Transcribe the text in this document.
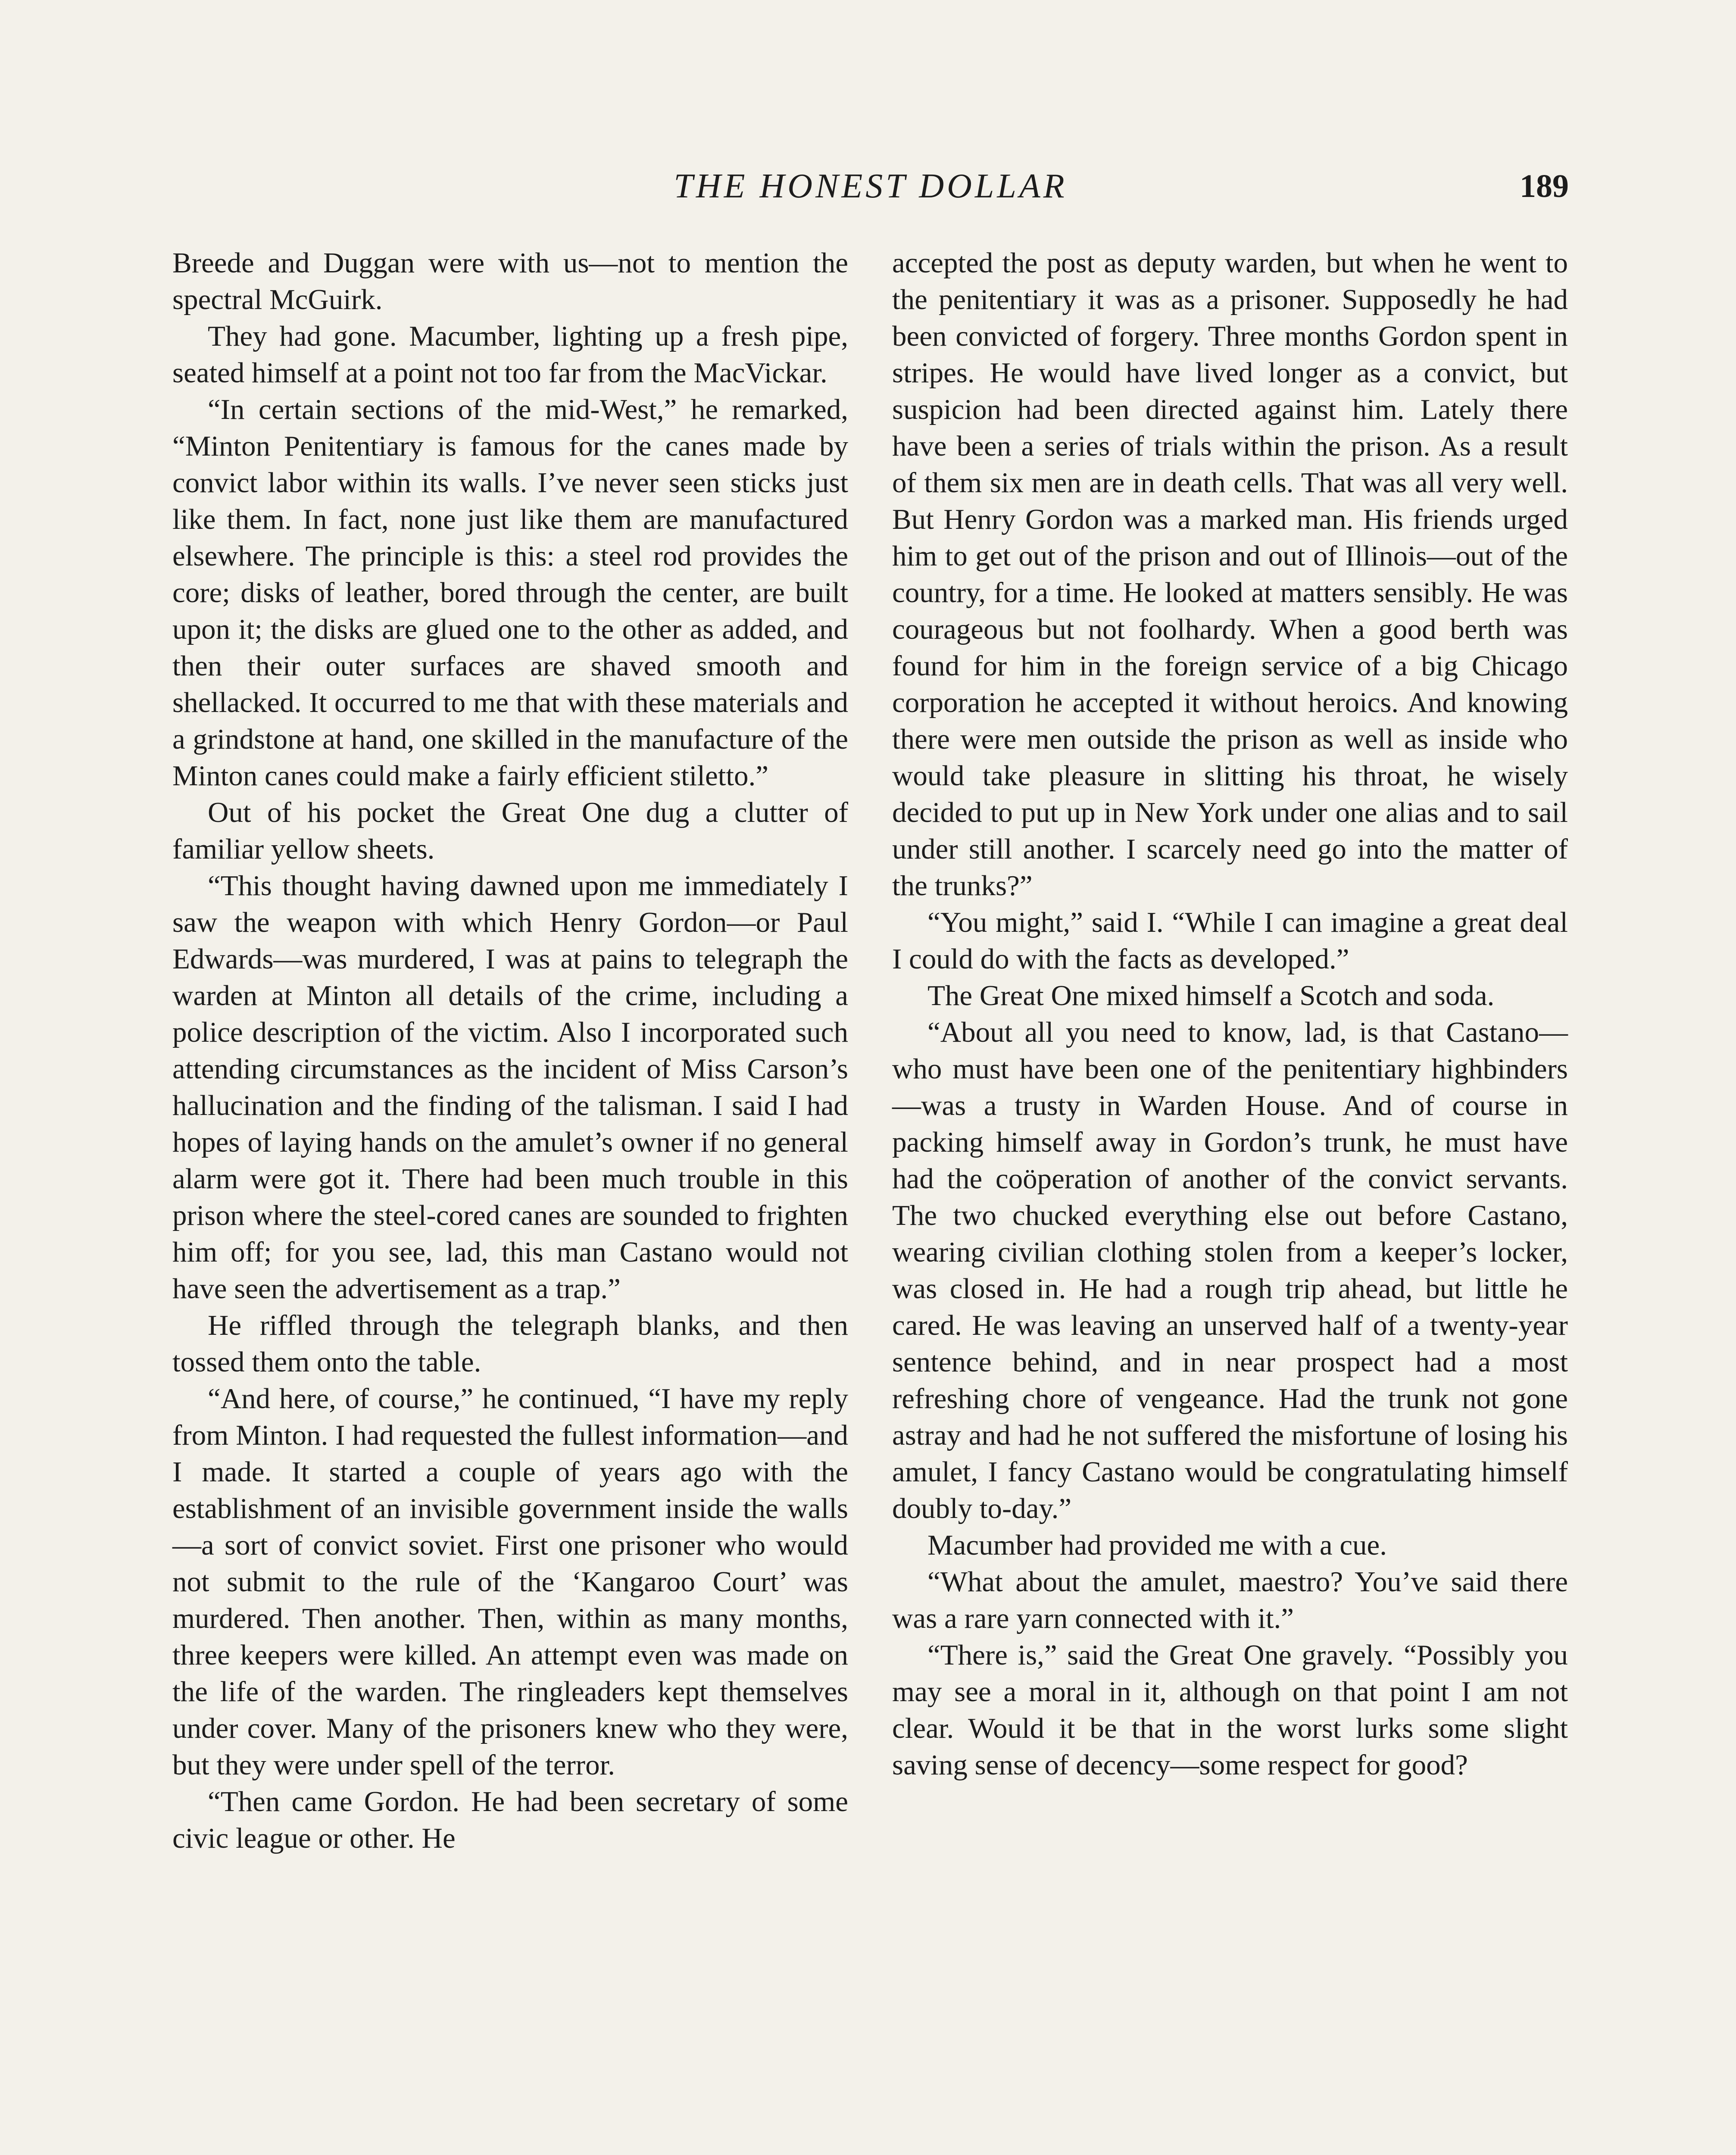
THE HONEST DOLLAR	189

Breede and Duggan were with us—not to mention the spectral McGuirk.

They had gone. Macumber, lighting up a fresh pipe, seated himself at a point not too far from the MacVickar.

“In certain sections of the mid-West,” he remarked, “Minton Penitentiary is famous for the canes made by convict labor within its walls. I’ve never seen sticks just like them. In fact, none just like them are manufactured elsewhere. The principle is this: a steel rod provides the core; disks of leather, bored through the center, are built upon it; the disks are glued one to the other as added, and then their outer surfaces are shaved smooth and shellacked. It occurred to me that with these materials and a grindstone at hand, one skilled in the manufacture of the Minton canes could make a fairly efficient stiletto.”

Out of his pocket the Great One dug a clutter of familiar yellow sheets.

“This thought having dawned upon me immediately I saw the weapon with which Henry Gordon—or Paul Edwards—was murdered, I was at pains to telegraph the warden at Minton all details of the crime, including a police description of the victim. Also I incorporated such attending circumstances as the incident of Miss Carson’s hallucination and the finding of the talisman. I said I had hopes of laying hands on the amulet’s owner if no general alarm were got it. There had been much trouble in this prison where the steel-cored canes are sounded to frighten him off; for you see, lad, this man Castano would not have seen the advertisement as a trap.”

He riffled through the telegraph blanks, and then tossed them onto the table.

“And here, of course,” he continued, “I have my reply from Minton. I had requested the fullest information—and I made. It started a couple of years ago with the establishment of an invisible government inside the walls—a sort of convict soviet. First one prisoner who would not submit to the rule of the ‘Kangaroo Court’ was murdered. Then another. Then, within as many months, three keepers were killed. An attempt even was made on the life of the warden. The ringleaders kept themselves under cover. Many of the prisoners knew who they were, but they were under spell of the terror.

“Then came Gordon. He had been secretary of some civic league or other. He

accepted the post as deputy warden, but when he went to the penitentiary it was as a prisoner. Supposedly he had been convicted of forgery. Three months Gordon spent in stripes. He would have lived longer as a convict, but suspicion had been directed against him. Lately there have been a series of trials within the prison. As a result of them six men are in death cells. That was all very well. But Henry Gordon was a marked man. His friends urged him to get out of the prison and out of Illinois—out of the country, for a time. He looked at matters sensibly. He was courageous but not foolhardy. When a good berth was found for him in the foreign service of a big Chicago corporation he accepted it without heroics. And knowing there were men outside the prison as well as inside who would take pleasure in slitting his throat, he wisely decided to put up in New York under one alias and to sail under still another. I scarcely need go into the matter of the trunks?”

“You might,” said I. “While I can imagine a great deal I could do with the facts as developed.”

The Great One mixed himself a Scotch and soda.

“About all you need to know, lad, is that Castano—who must have been one of the penitentiary highbinders—was a trusty in Warden House. And of course in packing himself away in Gordon’s trunk, he must have had the coöperation of another of the convict servants. The two chucked everything else out before Castano, wearing civilian clothing stolen from a keeper’s locker, was closed in. He had a rough trip ahead, but little he cared. He was leaving an unserved half of a twenty-year sentence behind, and in near prospect had a most refreshing chore of vengeance. Had the trunk not gone astray and had he not suffered the misfortune of losing his amulet, I fancy Castano would be congratulating himself doubly to-day.”

Macumber had provided me with a cue.

“What about the amulet, maestro? You’ve said there was a rare yarn connected with it.”

“There is,” said the Great One gravely. “Possibly you may see a moral in it, although on that point I am not clear. Would it be that in the worst lurks some slight saving sense of decency—some respect for good?
